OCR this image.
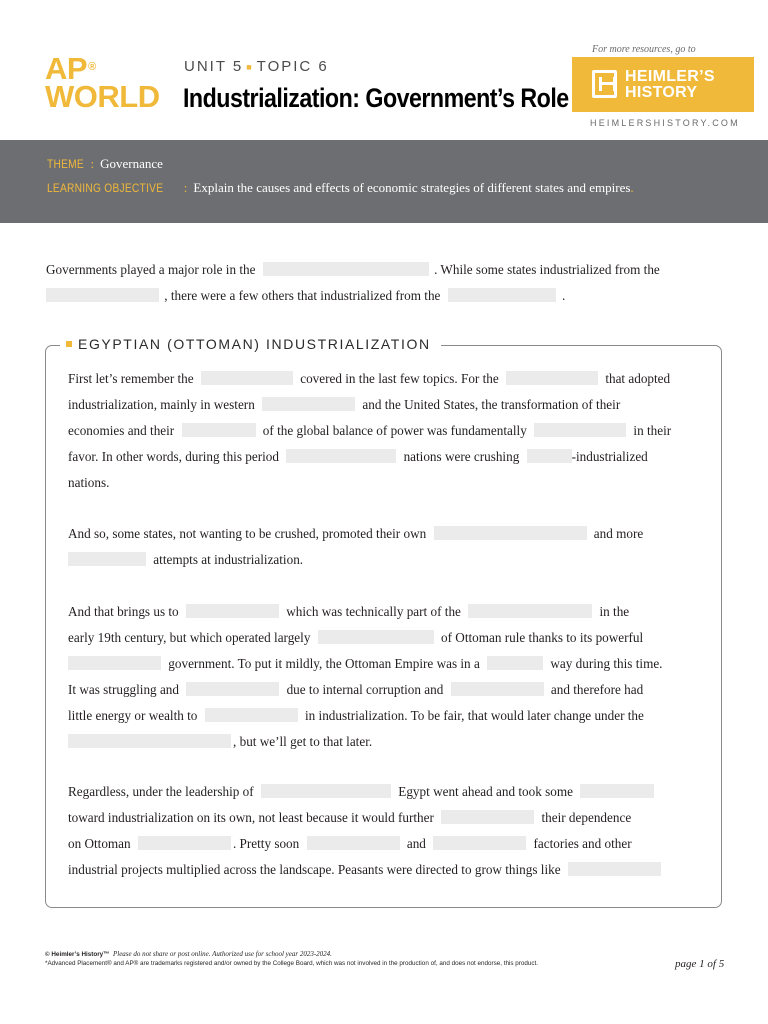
AP®
WORLD
UNIT 5 ■ TOPIC 6
Industrialization: Government’s Role
For more resources, go to
HEIMLER’S
HISTORY
HEIMLERSHISTORY.COM
THEME : Governance
LEARNING OBJECTIVE : Explain the causes and effects of economic strategies of different states and empires.
Governments played a major role in the	. While some states industrialized from the
, there were a few others that industrialized from the	.
EGYPTIAN (OTTOMAN) INDUSTRIALIZATION
First let’s remember the	covered in the last few topics. For the	that adopted
industrialization, mainly in western	and the United States, the transformation of their
economies and their	of the global balance of power was fundamentally	in their
favor. In other words, during this period	nations were crushing	-industrialized
nations.
And so, some states, not wanting to be crushed, promoted their own	and more
attempts at industrialization.
And that brings us to	which was technically part of the	in the
early 19th century, but which operated largely	of Ottoman rule thanks to its powerful
government. To put it mildly, the Ottoman Empire was in a	way during this time.
It was struggling and	due to internal corruption and	and therefore had
little energy or wealth to	in industrialization. To be fair, that would later change under the
, but we’ll get to that later.
Regardless, under the leadership of	Egypt went ahead and took some
toward industrialization on its own, not least because it would further	their dependence
on Ottoman	. Pretty soon	and	factories and other
industrial projects multiplied across the landscape. Peasants were directed to grow things like
© Heimler’s History™ Please do not share or post online. Authorized use for school year 2023-2024.
*Advanced Placement® and AP® are trademarks registered and/or owned by the College Board, which was not involved in the production of, and does not endorse, this product.	page 1 of 5
